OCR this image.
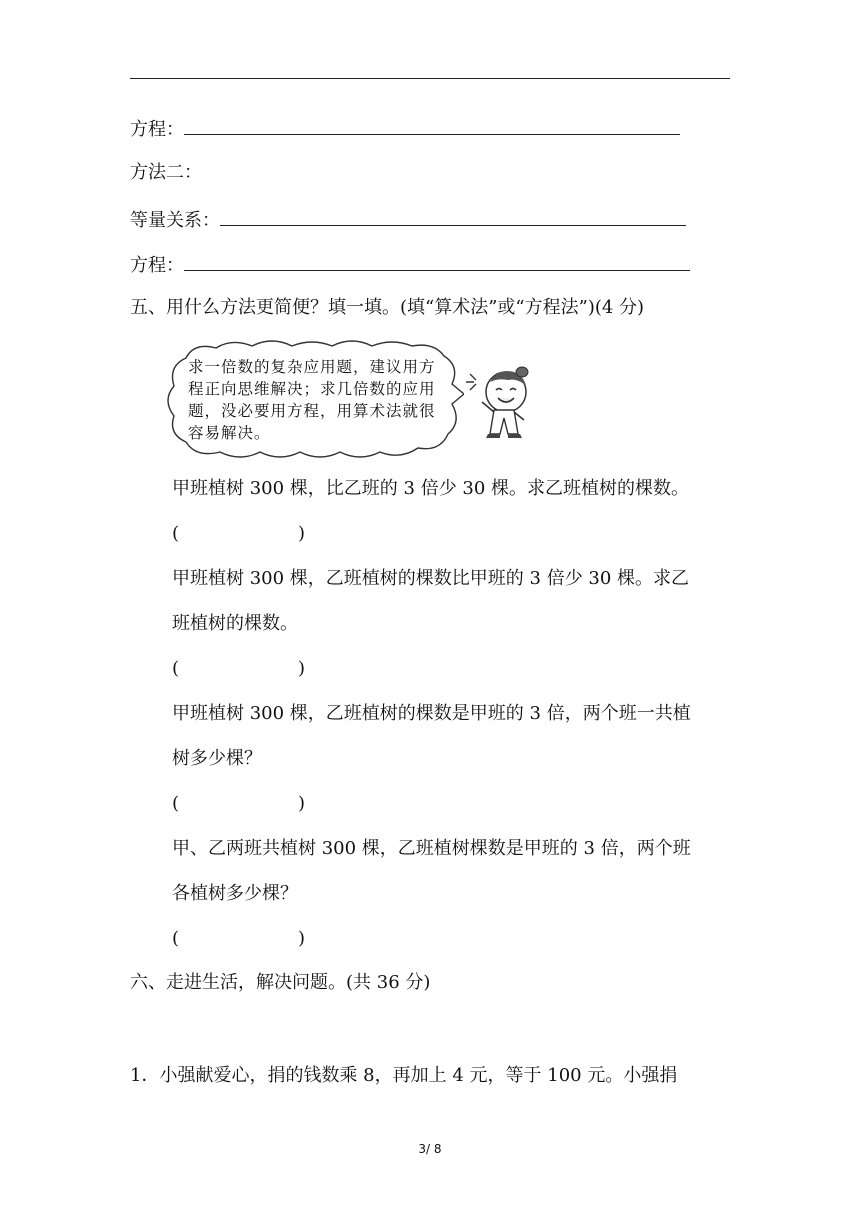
方程：
方法二：
等量关系：
方程：
五、用什么方法更简便？填一填。(填“算术法”或“方程法”)(4 分)
求一倍数的复杂应用题，建议用方程正向思维解决；求几倍数的应用题，没必要用方程，用算术法就很容易解决。
甲班植树 300 棵，比乙班的 3 倍少 30 棵。求乙班植树的棵数。
(	)
甲班植树 300 棵，乙班植树的棵数比甲班的 3 倍少 30 棵。求乙
班植树的棵数。
(	)
甲班植树 300 棵，乙班植树的棵数是甲班的 3 倍，两个班一共植
树多少棵？
(	)
甲、乙两班共植树 300 棵，乙班植树棵数是甲班的 3 倍，两个班
各植树多少棵？
(	)
六、走进生活，解决问题。(共 36 分)
1．小强献爱心，捐的钱数乘 8，再加上 4 元，等于 100 元。小强捐
3/ 8
